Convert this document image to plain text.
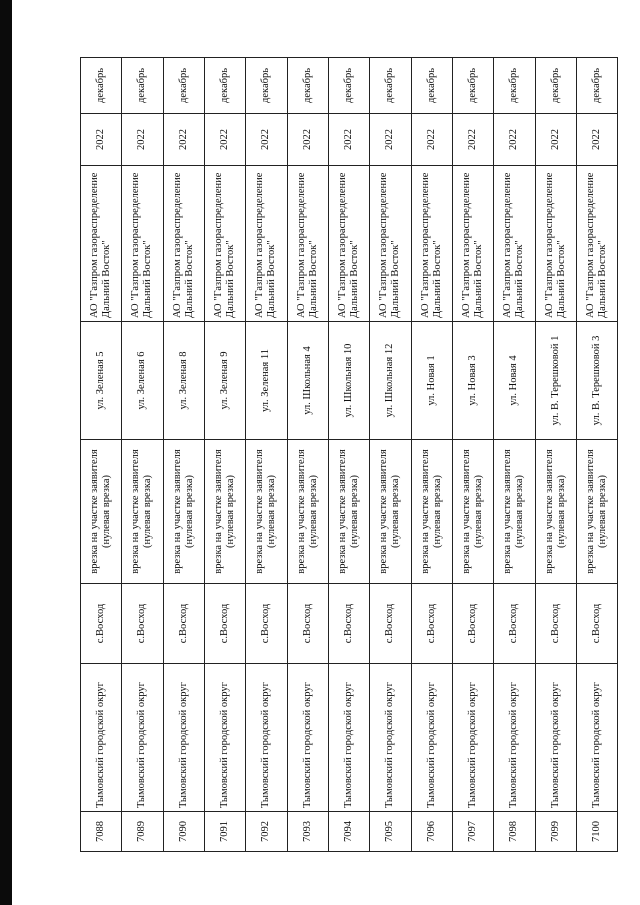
7088	Тымовский городской округ	с.Восход	врезка на участке заявителя (нулевая врезка)	ул. Зеленая 5	АО "Газпром газораспределение Дальний Восток"	2022	декабрь
7089	Тымовский городской округ	с.Восход	врезка на участке заявителя (нулевая врезка)	ул. Зеленая 6	АО "Газпром газораспределение Дальний Восток"	2022	декабрь
7090	Тымовский городской округ	с.Восход	врезка на участке заявителя (нулевая врезка)	ул. Зеленая 8	АО "Газпром газораспределение Дальний Восток"	2022	декабрь
7091	Тымовский городской округ	с.Восход	врезка на участке заявителя (нулевая врезка)	ул. Зеленая 9	АО "Газпром газораспределение Дальний Восток"	2022	декабрь
7092	Тымовский городской округ	с.Восход	врезка на участке заявителя (нулевая врезка)	ул. Зеленая 11	АО "Газпром газораспределение Дальний Восток"	2022	декабрь
7093	Тымовский городской округ	с.Восход	врезка на участке заявителя (нулевая врезка)	ул. Школьная 4	АО "Газпром газораспределение Дальний Восток"	2022	декабрь
7094	Тымовский городской округ	с.Восход	врезка на участке заявителя (нулевая врезка)	ул. Школьная 10	АО "Газпром газораспределение Дальний Восток"	2022	декабрь
7095	Тымовский городской округ	с.Восход	врезка на участке заявителя (нулевая врезка)	ул. Школьная 12	АО "Газпром газораспределение Дальний Восток"	2022	декабрь
7096	Тымовский городской округ	с.Восход	врезка на участке заявителя (нулевая врезка)	ул. Новая 1	АО "Газпром газораспределение Дальний Восток"	2022	декабрь
7097	Тымовский городской округ	с.Восход	врезка на участке заявителя (нулевая врезка)	ул. Новая 3	АО "Газпром газораспределение Дальний Восток"	2022	декабрь
7098	Тымовский городской округ	с.Восход	врезка на участке заявителя (нулевая врезка)	ул. Новая 4	АО "Газпром газораспределение Дальний Восток"	2022	декабрь
7099	Тымовский городской округ	с.Восход	врезка на участке заявителя (нулевая врезка)	ул. В. Терешковой 1	АО "Газпром газораспределение Дальний Восток"	2022	декабрь
7100	Тымовский городской округ	с.Восход	врезка на участке заявителя (нулевая врезка)	ул. В. Терешковой 3	АО "Газпром газораспределение Дальний Восток"	2022	декабрь
